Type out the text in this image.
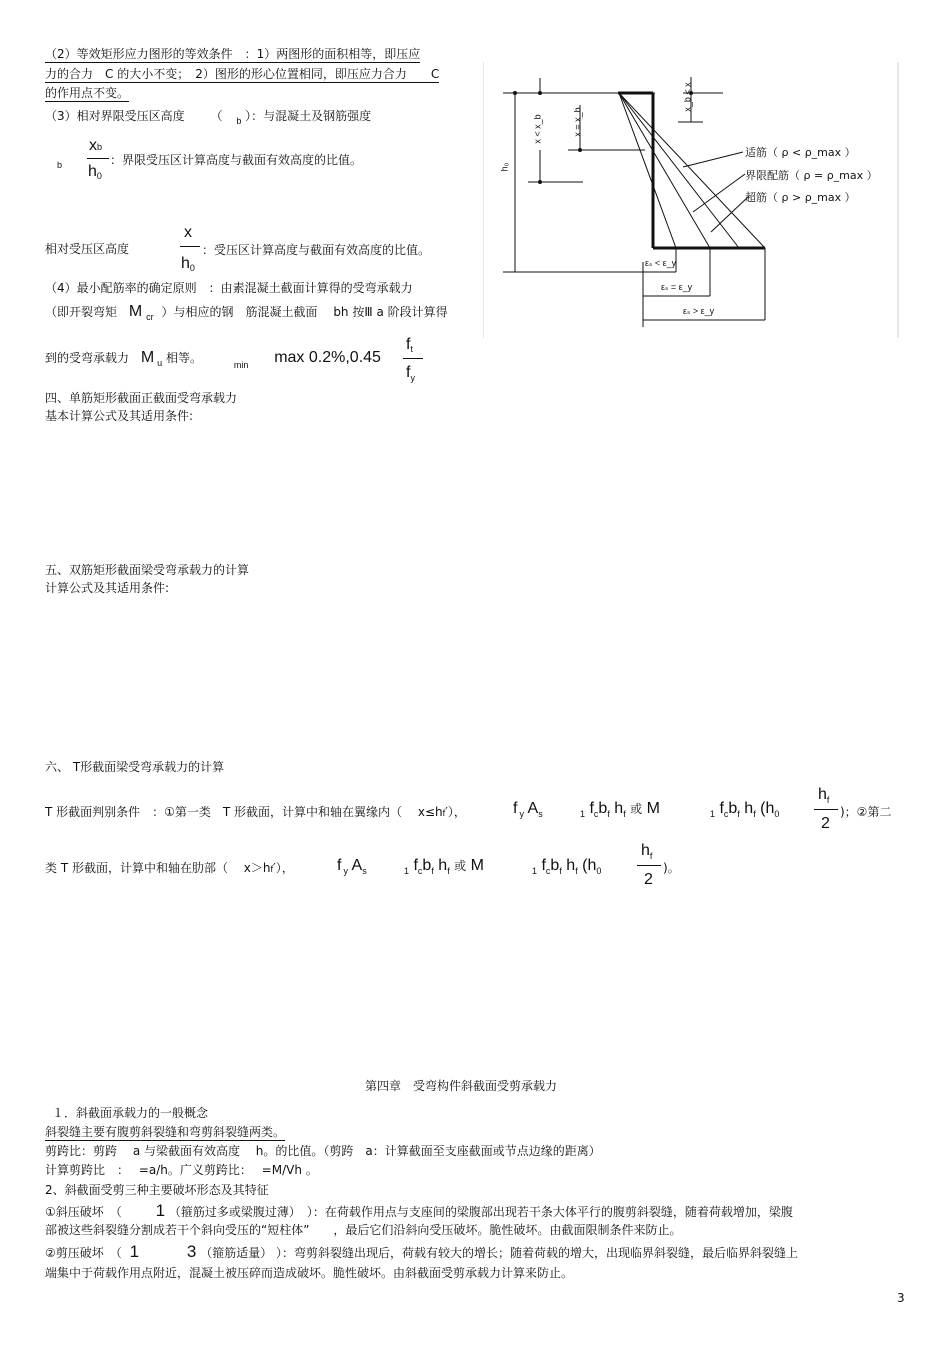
（2）等效矩形应力图形的等效条件　：1）两图形的面积相等，即压应
力的合力　C 的大小不变；　2）图形的形心位置相同，即压应力合力　　C
的作用点不变。
（3）相对界限受压区高度 （ $_b$ ）：与混凝土及钢筋强度
b
xb
h0
：界限受压区计算高度与截面有效高度的比值。
相对受压区高度
x
h0
：受压区计算高度与截面有效高度的比值。
（4）最小配筋率的确定原则　：由素混凝土截面计算得的受弯承载力
（即开裂弯矩 M $_{cr}$ ）与相应的钢　筋混凝土截面　 bh 按Ⅲ a 阶段计算得
到的受弯承载力 M $_u$ 相等。	$_{min}$ max 0.2%,0.45
ft
$f_y$
h₀
x < x_b	x = x_b
x_b < x
适筋（ ρ < ρ_max ）
界限配筋（ ρ = ρ_max ）
超筋（ ρ > ρ_max ）
εₛ < ε_y
εₛ = ε_y
εₛ > ε_y
四、单筋矩形截面正截面受弯承载力
基本计算公式及其适用条件:
五、双筋矩形截面梁受弯承载力的计算
计算公式及其适用条件:
六、 T形截面梁受弯承载力的计算
T 形截面判别条件　：①第一类　T 形截面，计算中和轴在翼缘内（　 x≤hf′），	f $_y$ $A_s$	$_1$ $f_cb_f$ $h_f$ 或 M	$_1$ $f_cb_f$ $h_f$ ($h_0$
$h_f$
2
)；②第二
类 T 形截面，计算中和轴在肋部（　 x＞hf′），	f $_y$ $A_s$	$_1$ $f_cb_f$ $h_f$ 或 M	$_1$ $f_cb_f$ $h_f$ ($h_0$
$h_f$
2
)。
第四章　受弯构件斜截面受剪承载力
１．斜截面承载力的一般概念
斜裂缝主要有腹剪斜裂缝和弯剪斜裂缝两类。
剪跨比：剪跨　 a 与梁截面有效高度　 h。的比值。（剪跨　a：计算截面至支座截面或节点边缘的距离）
计算剪跨比　：　 =a/h。广义剪跨比：　 =M/Vh 。
2、斜截面受剪三种主要破坏形态及其特征
①斜压破坏　（ 1 （箍筋过多或梁腹过薄）　）：在荷载作用点与支座间的梁腹部出现若干条大体平行的腹剪斜裂缝，随着荷载增加，梁腹
部被这些斜裂缝分割成若干个斜向受压的“短柱体”　　，最后它们沿斜向受压破坏。脆性破坏。由截面限制条件来防止。
②剪压破坏　（ 1	3 （箍筋适量） ）：弯剪斜裂缝出现后，荷载有较大的增长；随着荷载的增大，出现临界斜裂缝，最后临界斜裂缝上
端集中于荷载作用点附近，混凝土被压碎而造成破坏。脆性破坏。由斜截面受剪承载力计算来防止。
3
